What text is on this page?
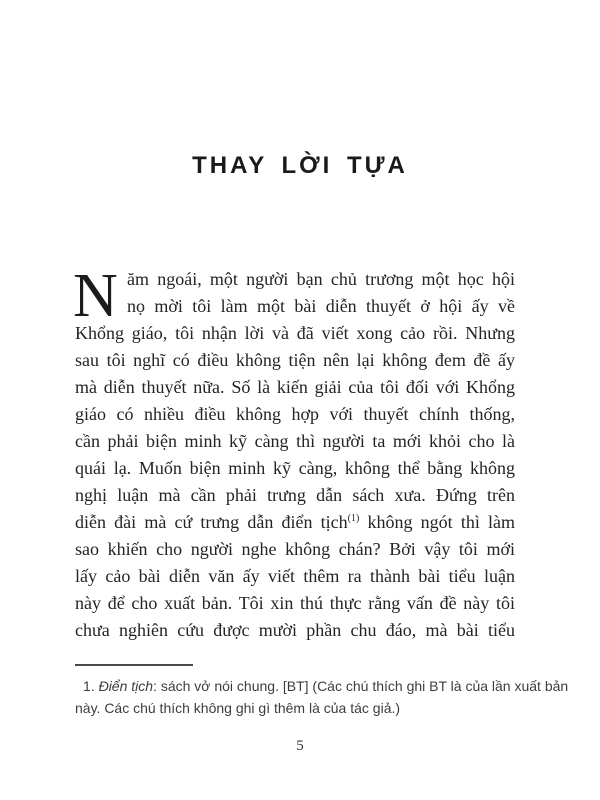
THAY LỜI TỰA
N ăm ngoái, một người bạn chủ trương một học hội
nọ mời tôi làm một bài diễn thuyết ở hội ấy về
Khổng giáo, tôi nhận lời và đã viết xong cảo rồi. Nhưng
sau tôi nghĩ có điều không tiện nên lại không đem đề ấy
mà diễn thuyết nữa. Số là kiến giải của tôi đối với Khổng
giáo có nhiều điều không hợp với thuyết chính thống,
cần phải biện minh kỹ càng thì người ta mới khỏi cho là
quái lạ. Muốn biện minh kỹ càng, không thể bằng không
nghị luận mà cần phải trưng dẫn sách xưa. Đứng trên
diễn đài mà cứ trưng dẫn điển tịch$^{(1)}$ không ngót thì làm
sao khiến cho người nghe không chán? Bởi vậy tôi mới
lấy cảo bài diễn văn ấy viết thêm ra thành bài tiểu luận
này để cho xuất bản. Tôi xin thú thực rằng vấn đề này tôi
chưa nghiên cứu được mười phần chu đáo, mà bài tiểu
1. Điển tịch: sách vở nói chung. [BT] (Các chú thích ghi BT là của lần xuất bản
này. Các chú thích không ghi gì thêm là của tác giả.)
5
